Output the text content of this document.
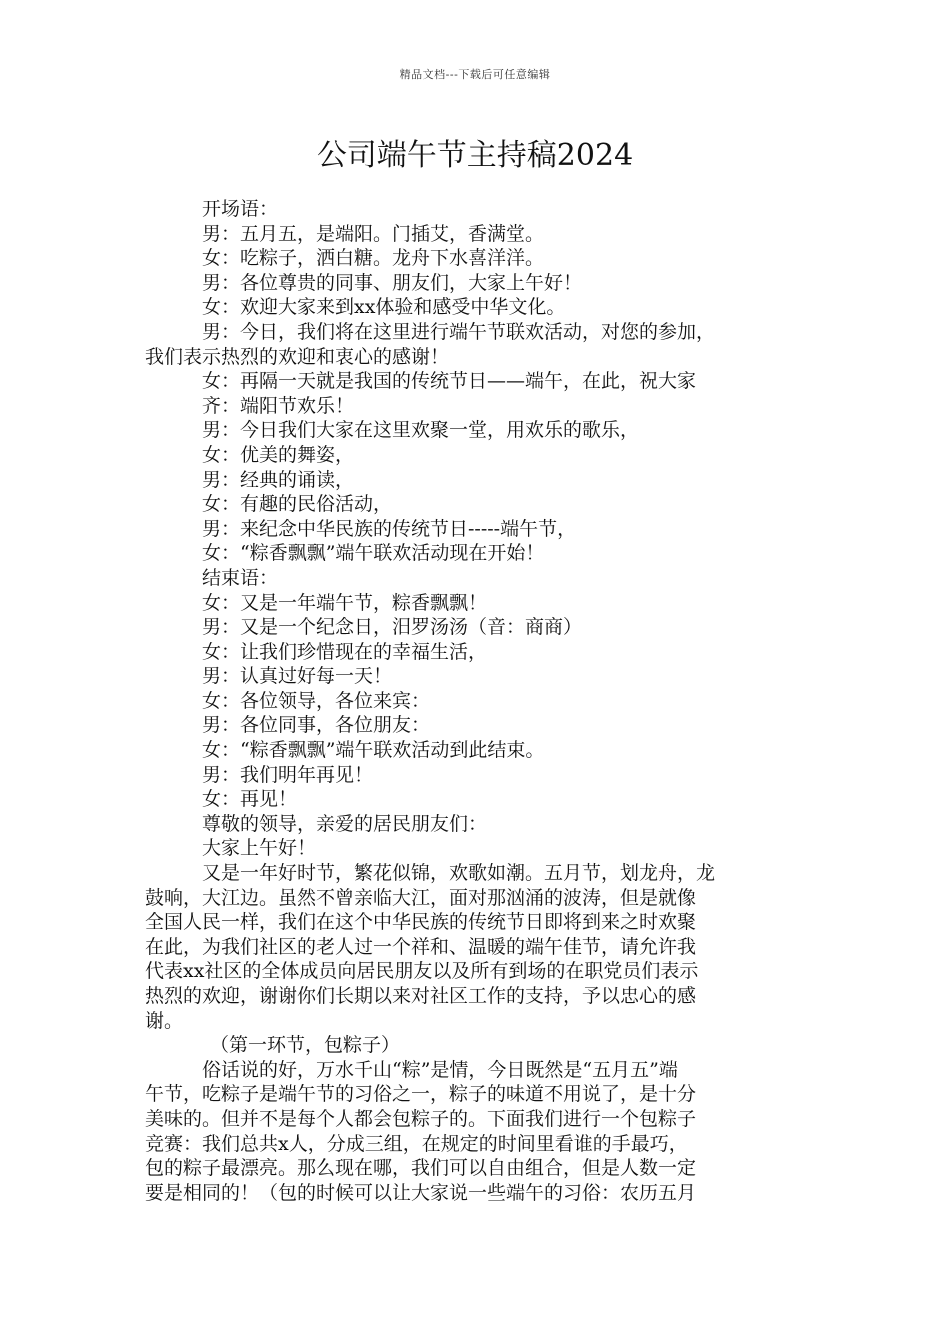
精品文档---下载后可任意编辑
公司端午节主持稿2024

开场语：

男：五月五，是端阳。门插艾，香满堂。

女：吃粽子，洒白糖。龙舟下水喜洋洋。

男：各位尊贵的同事、朋友们，大家上午好！

女：欢迎大家来到xx体验和感受中华文化。

男：今日，我们将在这里进行端午节联欢活动，对您的参加，

我们表示热烈的欢迎和衷心的感谢！

女：再隔一天就是我国的传统节日——端午，在此，祝大家

齐：端阳节欢乐！

男：今日我们大家在这里欢聚一堂，用欢乐的歌乐，

女：优美的舞姿，

男：经典的诵读，

女：有趣的民俗活动，

男：来纪念中华民族的传统节日-----端午节，

女：“粽香飘飘”端午联欢活动现在开始！

结束语：

女：又是一年端午节，粽香飘飘！

男：又是一个纪念日，汨罗汤汤（音：商商）

女：让我们珍惜现在的幸福生活，

男：认真过好每一天！

女：各位领导，各位来宾：

男：各位同事，各位朋友：

女：“粽香飘飘”端午联欢活动到此结束。

男：我们明年再见！

女：再见！

尊敬的领导，亲爱的居民朋友们：

大家上午好！

又是一年好时节，繁花似锦，欢歌如潮。五月节，划龙舟，龙

鼓响，大江边。虽然不曾亲临大江，面对那汹涌的波涛，但是就像

全国人民一样，我们在这个中华民族的传统节日即将到来之时欢聚

在此，为我们社区的老人过一个祥和、温暖的端午佳节，请允许我

代表xx社区的全体成员向居民朋友以及所有到场的在职党员们表示

热烈的欢迎，谢谢你们长期以来对社区工作的支持，予以忠心的感

谢。

（第一环节，包粽子）

俗话说的好，万水千山“粽”是情，今日既然是“五月五”端

午节，吃粽子是端午节的习俗之一，粽子的味道不用说了，是十分

美味的。但并不是每个人都会包粽子的。下面我们进行一个包粽子

竞赛：我们总共x人，分成三组，在规定的时间里看谁的手最巧，

包的粽子最漂亮。那么现在哪，我们可以自由组合，但是人数一定

要是相同的！（包的时候可以让大家说一些端午的习俗：农历五月
